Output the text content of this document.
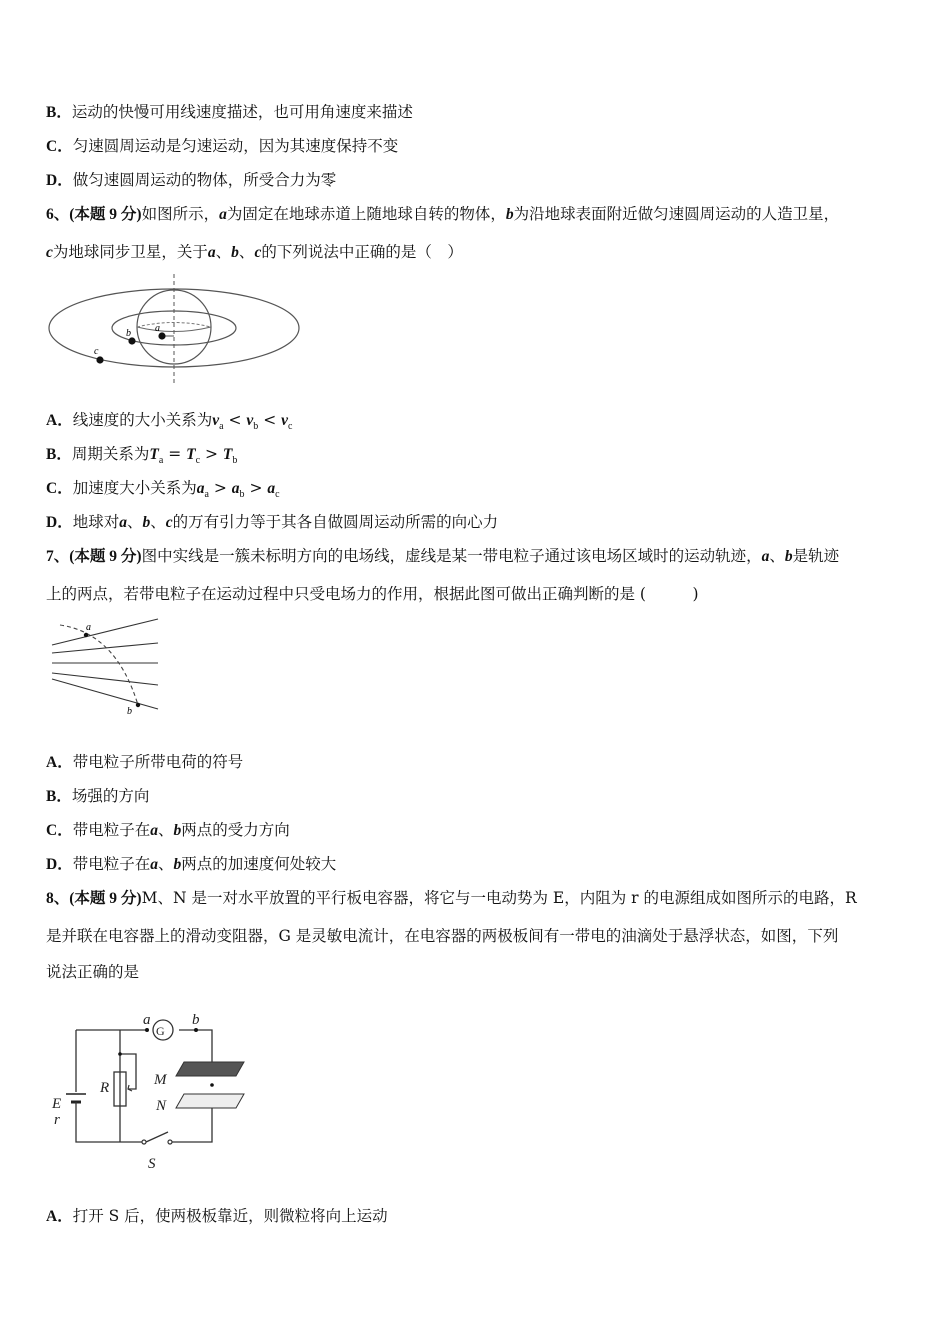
B．运动的快慢可用线速度描述，也可用角速度来描述
C．匀速圆周运动是匀速运动，因为其速度保持不变
D．做匀速圆周运动的物体，所受合力为零
6、(本题 9 分)如图所示，a为固定在地球赤道上随地球自转的物体，b为沿地球表面附近做匀速圆周运动的人造卫星，
c为地球同步卫星，关于a、b、c的下列说法中正确的是（　）
a
b
c
A．线速度的大小关系为$v_a < v_b < v_c$
B．周期关系为$T_a = T_c > T_b$
C．加速度大小关系为$a_a > a_b > a_c$
D．地球对a、b、c的万有引力等于其各自做圆周运动所需的向心力
7、(本题 9 分)图中实线是一簇未标明方向的电场线，虚线是某一带电粒子通过该电场区域时的运动轨迹，a、b是轨迹
上的两点，若带电粒子在运动过程中只受电场力的作用，根据此图可做出正确判断的是 (　　　)
a
b
A．带电粒子所带电荷的符号
B．场强的方向
C．带电粒子在a、b两点的受力方向
D．带电粒子在a、b两点的加速度何处较大
8、(本题 9 分)M、N 是一对水平放置的平行板电容器，将它与一电动势为 E，内阻为 r 的电源组成如图所示的电路，R
是并联在电容器上的滑动变阻器，G 是灵敏电流计，在电容器的两极板间有一带电的油滴处于悬浮状态，如图，下列
说法正确的是
a	b
G
M
N
R
E
r
S
A．打开 S 后，使两极板靠近，则微粒将向上运动
